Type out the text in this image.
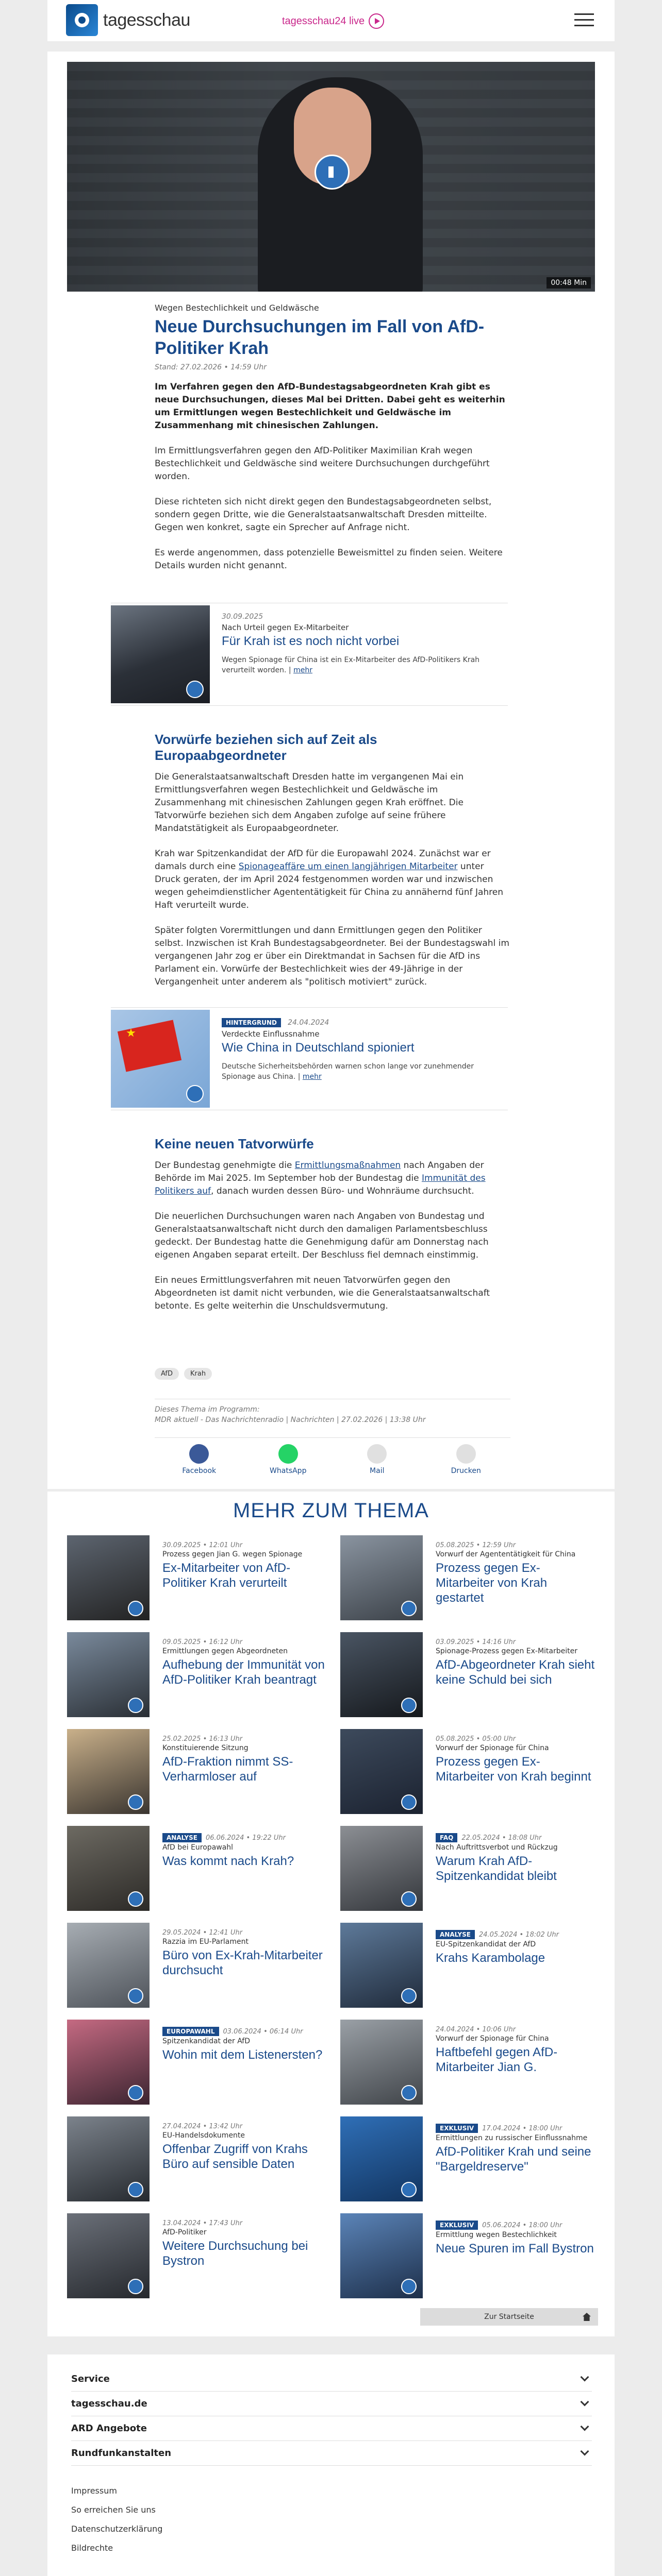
tagesschau	tagesschau24 live
00:48 Min
Wegen Bestechlichkeit und Geldwäsche
Neue Durchsuchungen im Fall von AfD-Politiker Krah
Stand: 27.02.2026 • 14:59 Uhr

Im Verfahren gegen den AfD-Bundestagsabgeordneten Krah gibt es neue Durchsuchungen, dieses Mal bei Dritten. Dabei geht es weiterhin um Ermittlungen wegen Bestechlichkeit und Geldwäsche im Zusammenhang mit chinesischen Zahlungen.

Im Ermittlungsverfahren gegen den AfD-Politiker Maximilian Krah wegen Bestechlichkeit und Geldwäsche sind weitere Durchsuchungen durchgeführt worden.

Diese richteten sich nicht direkt gegen den Bundestagsabgeordneten selbst, sondern gegen Dritte, wie die Generalstaatsanwaltschaft Dresden mitteilte. Gegen wen konkret, sagte ein Sprecher auf Anfrage nicht.

Es werde angenommen, dass potenzielle Beweismittel zu finden seien. Weitere Details wurden nicht genannt.

30.09.2025
Nach Urteil gegen Ex-Mitarbeiter
Für Krah ist es noch nicht vorbei
Wegen Spionage für China ist ein Ex-Mitarbeiter des AfD-Politikers Krah verurteilt worden. | mehr
Vorwürfe beziehen sich auf Zeit als Europaabgeordneter

Die Generalstaatsanwaltschaft Dresden hatte im vergangenen Mai ein Ermittlungsverfahren wegen Bestechlichkeit und Geldwäsche im Zusammenhang mit chinesischen Zahlungen gegen Krah eröffnet. Die Tatvorwürfe beziehen sich dem Angaben zufolge auf seine frühere Mandatstätigkeit als Europaabgeordneter.

Krah war Spitzenkandidat der AfD für die Europawahl 2024. Zunächst war er damals durch eine Spionageaffäre um einen langjährigen Mitarbeiter unter Druck geraten, der im April 2024 festgenommen worden war und inzwischen wegen geheimdienstlicher Agententätigkeit für China zu annähernd fünf Jahren Haft verurteilt wurde.

Später folgten Vorermittlungen und dann Ermittlungen gegen den Politiker selbst. Inzwischen ist Krah Bundestagsabgeordneter. Bei der Bundestagswahl im vergangenen Jahr zog er über ein Direktmandat in Sachsen für die AfD ins Parlament ein. Vorwürfe der Bestechlichkeit wies der 49-Jährige in der Vergangenheit unter anderem als "politisch motiviert" zurück.

HINTERGRUND 24.04.2024
Verdeckte Einflussnahme
Wie China in Deutschland spioniert
Deutsche Sicherheitsbehörden warnen schon lange vor zunehmender Spionage aus China. | mehr
Keine neuen Tatvorwürfe

Der Bundestag genehmigte die Ermittlungsmaßnahmen nach Angaben der Behörde im Mai 2025. Im September hob der Bundestag die Immunität des Politikers auf, danach wurden dessen Büro- und Wohnräume durchsucht.

Die neuerlichen Durchsuchungen waren nach Angaben von Bundestag und Generalstaatsanwaltschaft nicht durch den damaligen Parlamentsbeschluss gedeckt. Der Bundestag hatte die Genehmigung dafür am Donnerstag nach eigenen Angaben separat erteilt. Der Beschluss fiel demnach einstimmig.

Ein neues Ermittlungsverfahren mit neuen Tatvorwürfen gegen den Abgeordneten ist damit nicht verbunden, wie die Generalstaatsanwaltschaft betonte. Es gelte weiterhin die Unschuldsvermutung.

AfD	Krah
Dieses Thema im Programm:
MDR aktuell - Das Nachrichtenradio | Nachrichten | 27.02.2026 | 13:38 Uhr
Facebook	WhatsApp	Mail	Drucken
MEHR ZUM THEMA
30.09.2025 • 12:01 Uhr
Prozess gegen Jian G. wegen Spionage
Ex-Mitarbeiter von AfD-Politiker Krah verurteilt
05.08.2025 • 12:59 Uhr
Vorwurf der Agententätigkeit für China
Prozess gegen Ex-Mitarbeiter von Krah gestartet
09.05.2025 • 16:12 Uhr
Ermittlungen gegen Abgeordneten
Aufhebung der Immunität von AfD-Politiker Krah beantragt
03.09.2025 • 14:16 Uhr
Spionage-Prozess gegen Ex-Mitarbeiter
AfD-Abgeordneter Krah sieht keine Schuld bei sich
25.02.2025 • 16:13 Uhr
Konstituierende Sitzung
AfD-Fraktion nimmt SS-Verharmloser auf
05.08.2025 • 05:00 Uhr
Vorwurf der Spionage für China
Prozess gegen Ex-Mitarbeiter von Krah beginnt
ANALYSE 06.06.2024 • 19:22 Uhr
AfD bei Europawahl
Was kommt nach Krah?
FAQ 22.05.2024 • 18:08 Uhr
Nach Auftrittsverbot und Rückzug
Warum Krah AfD-Spitzenkandidat bleibt
29.05.2024 • 12:41 Uhr
Razzia im EU-Parlament
Büro von Ex-Krah-Mitarbeiter durchsucht
ANALYSE 24.05.2024 • 18:02 Uhr
EU-Spitzenkandidat der AfD
Krahs Karambolage
EUROPAWAHL 03.06.2024 • 06:14 Uhr
Spitzenkandidat der AfD
Wohin mit dem Listenersten?
24.04.2024 • 10:06 Uhr
Vorwurf der Spionage für China
Haftbefehl gegen AfD-Mitarbeiter Jian G.
27.04.2024 • 13:42 Uhr
EU-Handelsdokumente
Offenbar Zugriff von Krahs Büro auf sensible Daten
EXKLUSIV 17.04.2024 • 18:00 Uhr
Ermittlungen zu russischer Einflussnahme
AfD-Politiker Krah und seine "Bargeldreserve"
13.04.2024 • 17:43 Uhr
AfD-Politiker
Weitere Durchsuchung bei Bystron
EXKLUSIV 05.06.2024 • 18:00 Uhr
Ermittlung wegen Bestechlichkeit
Neue Spuren im Fall Bystron
Zur Startseite
Service
tagesschau.de
ARD Angebote
Rundfunkanstalten
Impressum
So erreichen Sie uns
Datenschutzerklärung
Bildrechte
